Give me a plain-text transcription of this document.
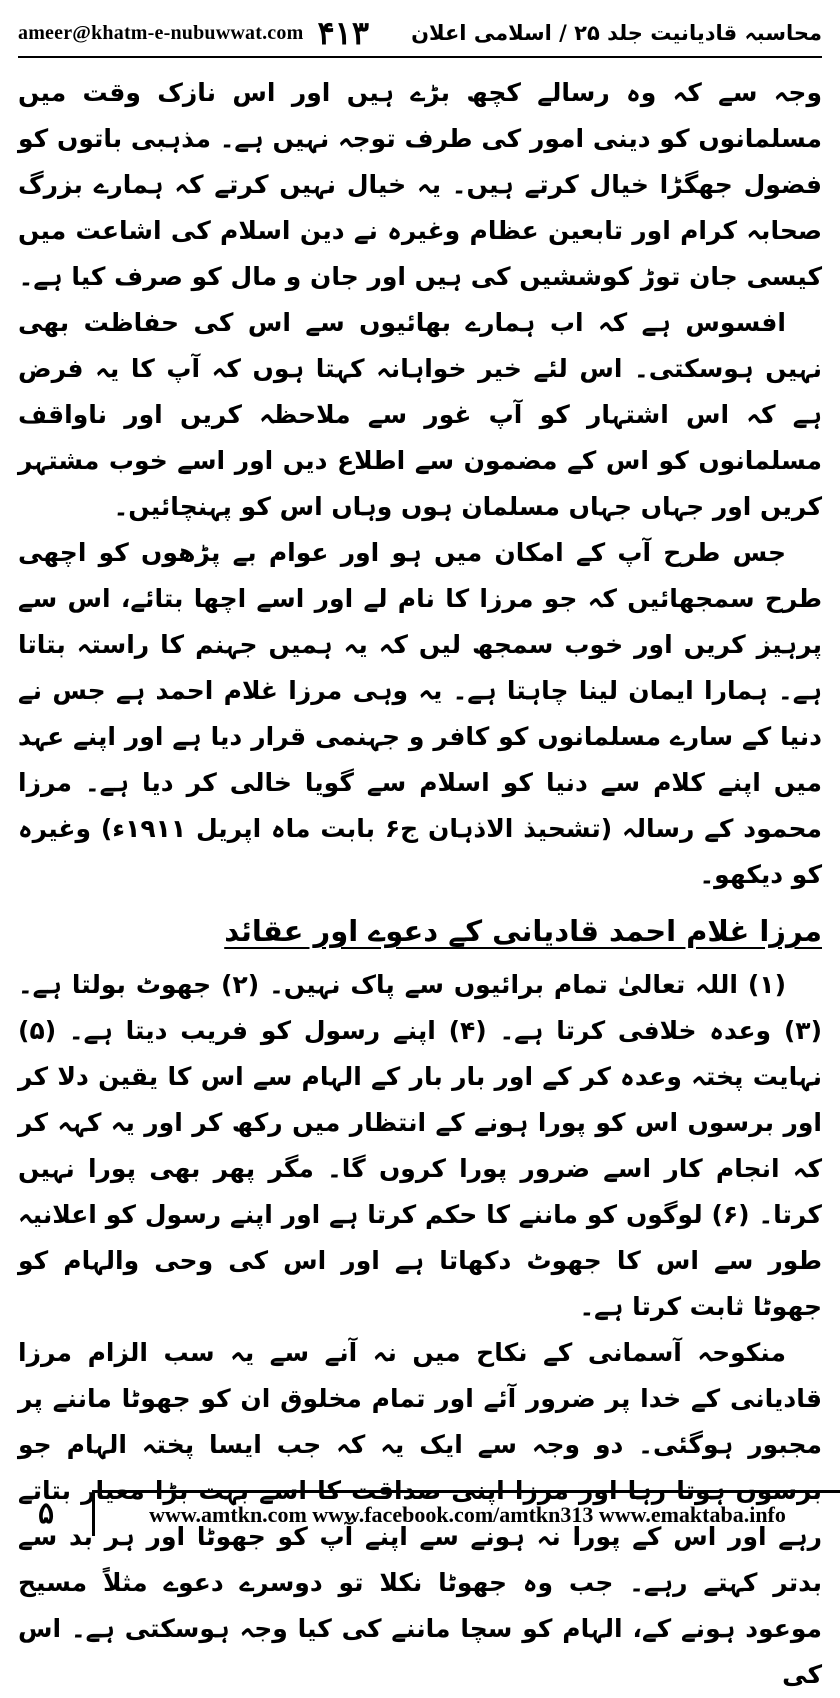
ameer@khatm-e-nubuwwat.com ۴۱۳ محاسبہ قادیانیت جلد ۲۵ / اسلامی اعلان

وجہ سے کہ وہ رسالے کچھ بڑے ہیں اور اس نازک وقت میں مسلمانوں کو دینی امور کی طرف توجہ نہیں ہے۔ مذہبی باتوں کو فضول جھگڑا خیال کرتے ہیں۔ یہ خیال نہیں کرتے کہ ہمارے بزرگ صحابہ کرام اور تابعین عظام وغیرہ نے دین اسلام کی اشاعت میں کیسی جان توڑ کوششیں کی ہیں اور جان و مال کو صرف کیا ہے۔

افسوس ہے کہ اب ہمارے بھائیوں سے اس کی حفاظت بھی نہیں ہوسکتی۔ اس لئے خیر خواہانہ کہتا ہوں کہ آپ کا یہ فرض ہے کہ اس اشتہار کو آپ غور سے ملاحظہ کریں اور ناواقف مسلمانوں کو اس کے مضمون سے اطلاع دیں اور اسے خوب مشتہر کریں اور جہاں جہاں مسلمان ہوں وہاں اس کو پہنچائیں۔

جس طرح آپ کے امکان میں ہو اور عوام بے پڑھوں کو اچھی طرح سمجھائیں کہ جو مرزا کا نام لے اور اسے اچھا بتائے، اس سے پرہیز کریں اور خوب سمجھ لیں کہ یہ ہمیں جہنم کا راستہ بتاتا ہے۔ ہمارا ایمان لینا چاہتا ہے۔ یہ وہی مرزا غلام احمد ہے جس نے دنیا کے سارے مسلمانوں کو کافر و جہنمی قرار دیا ہے اور اپنے عہد میں اپنے کلام سے دنیا کو اسلام سے گویا خالی کر دیا ہے۔ مرزا محمود کے رسالہ (تشحیذ الاذہان ج۶ بابت ماہ اپریل ۱۹۱۱ء) وغیرہ کو دیکھو۔

مرزا غلام احمد قادیانی کے دعوے اور عقائد

(۱) اللہ تعالیٰ تمام برائیوں سے پاک نہیں۔ (۲) جھوٹ بولتا ہے۔ (۳) وعدہ خلافی کرتا ہے۔ (۴) اپنے رسول کو فریب دیتا ہے۔ (۵) نہایت پختہ وعدہ کر کے اور بار بار کے الہام سے اس کا یقین دلا کر اور برسوں اس کو پورا ہونے کے انتظار میں رکھ کر اور یہ کہہ کر کہ انجام کار اسے ضرور پورا کروں گا۔ مگر پھر بھی پورا نہیں کرتا۔ (۶) لوگوں کو ماننے کا حکم کرتا ہے اور اپنے رسول کو اعلانیہ طور سے اس کا جھوٹ دکھاتا ہے اور اس کی وحی والہام کو جھوٹا ثابت کرتا ہے۔

منکوحہ آسمانی کے نکاح میں نہ آنے سے یہ سب الزام مرزا قادیانی کے خدا پر ضرور آئے اور تمام مخلوق ان کو جھوٹا ماننے پر مجبور ہوگئی۔ دو وجہ سے ایک یہ کہ جب ایسا پختہ الہام جو برسوں ہوتا رہا اور مرزا اپنی صداقت کا اسے بہت بڑا معیار بتاتے رہے اور اس کے پورا نہ ہونے سے اپنے آپ کو جھوٹا اور ہر بد سے بدتر کہتے رہے۔ جب وہ جھوٹا نکلا تو دوسرے دعوے مثلاً مسیح موعود ہونے کے، الہام کو سچا ماننے کی کیا وجہ ہوسکتی ہے۔ اس کی

۵	www.amtkn.com www.facebook.com/amtkn313 www.emaktaba.info
